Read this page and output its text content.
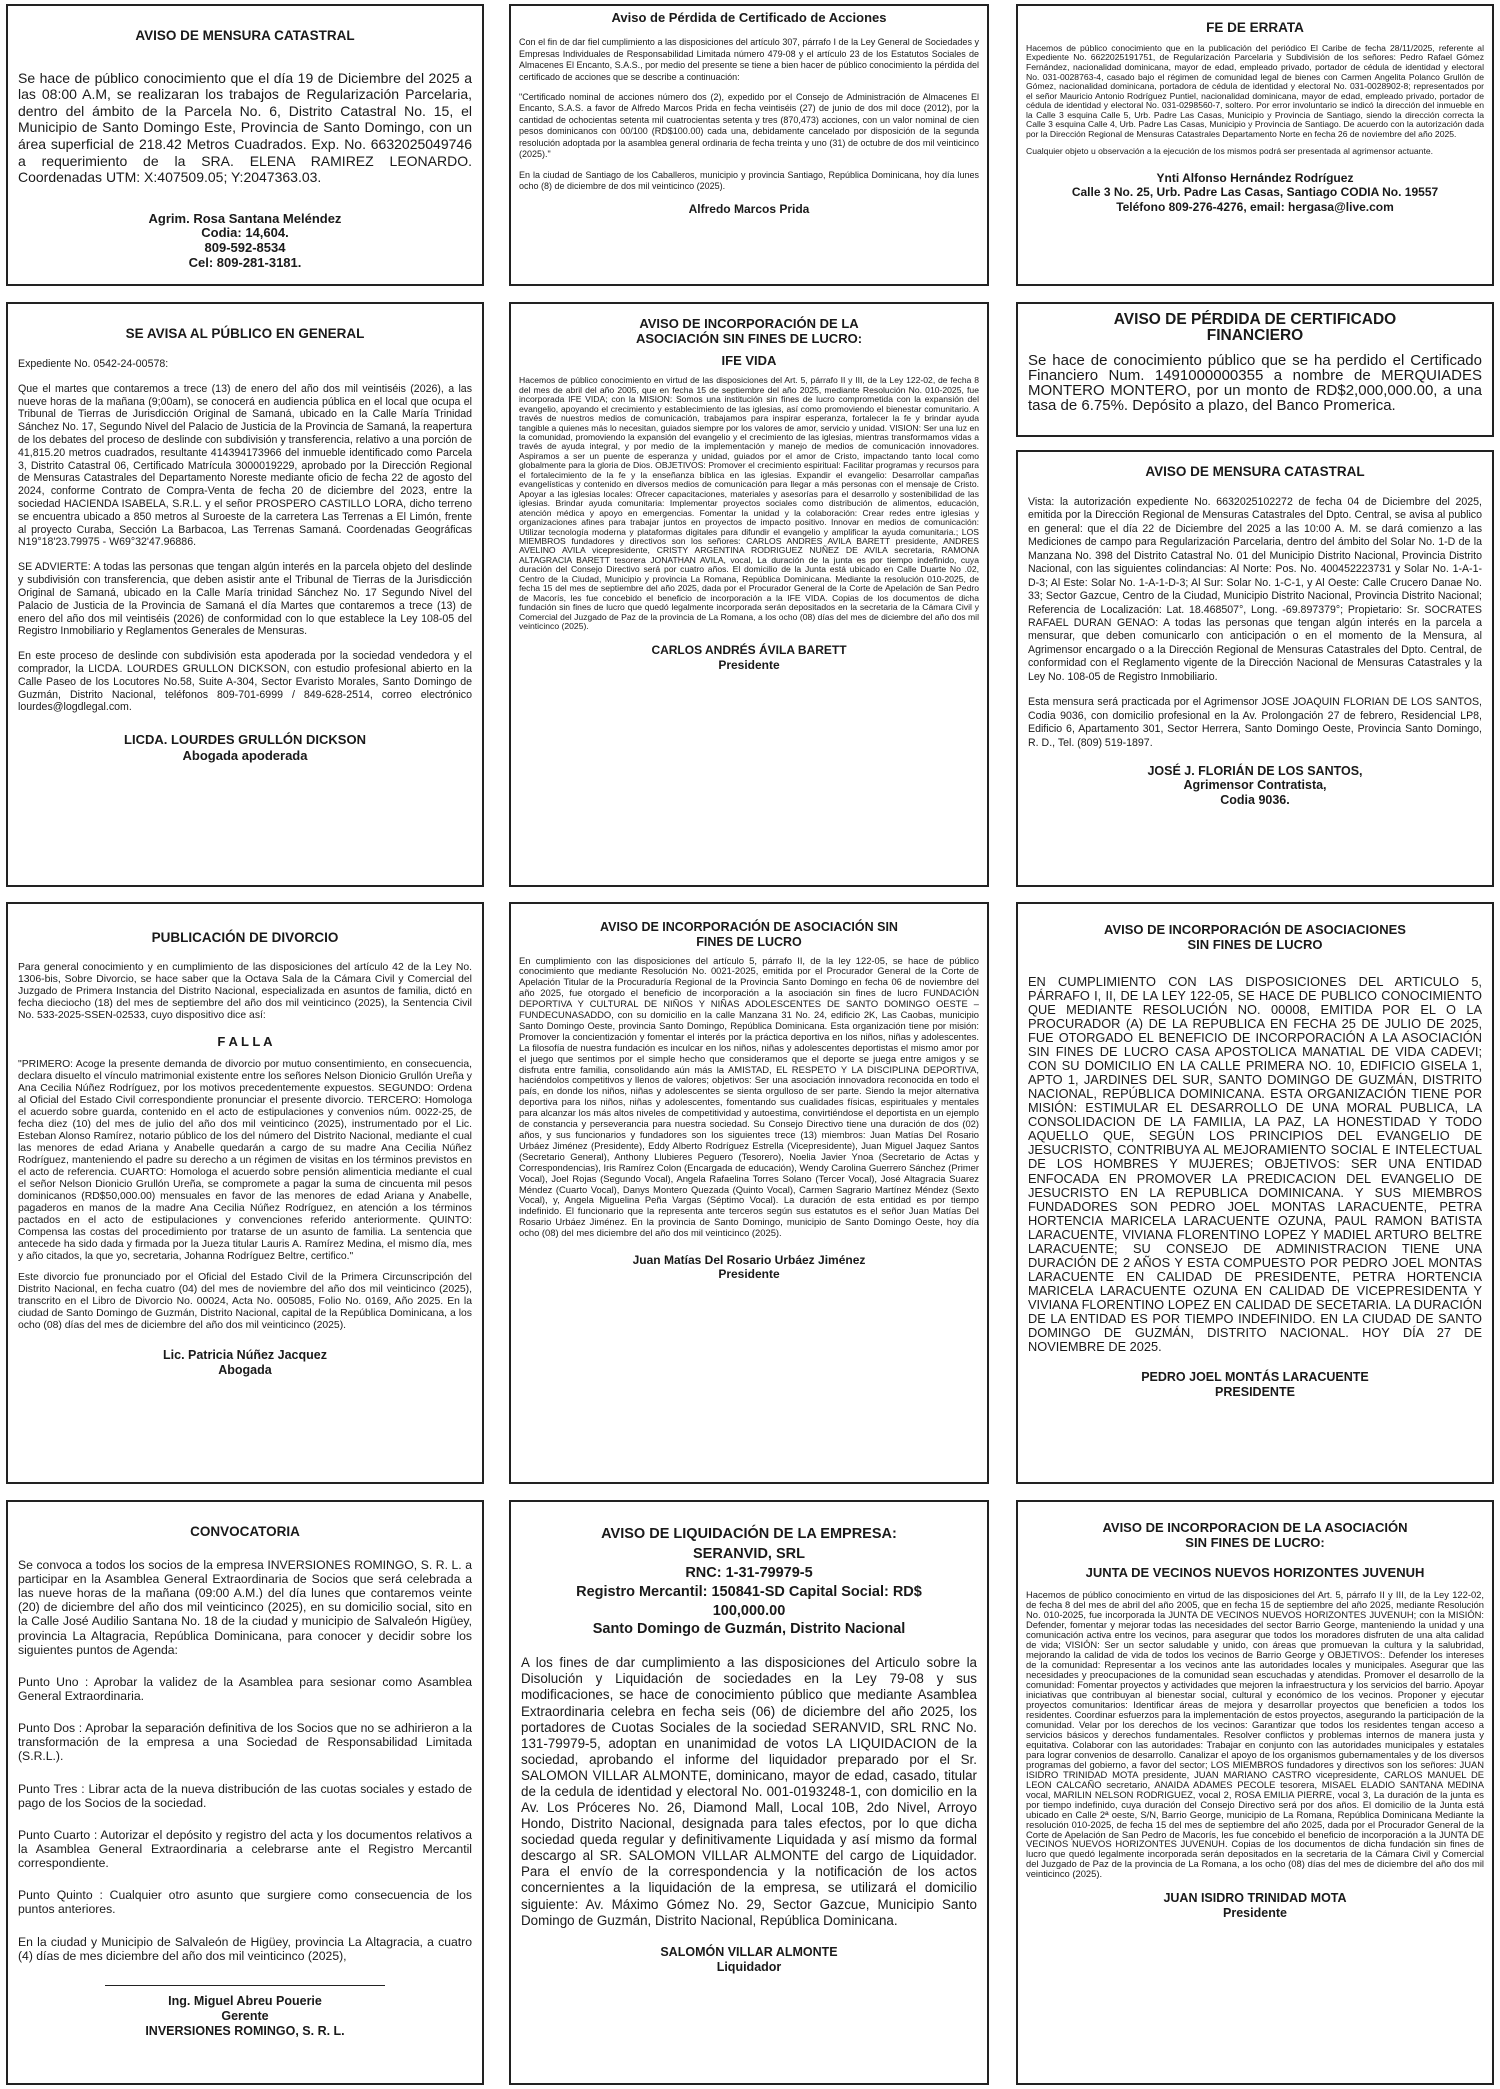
AVISO DE MENSURA CATASTRAL

Se hace de público conocimiento que el día 19 de Diciembre del 2025 a las 08:00 A.M, se realizaran los trabajos de Regularización Parcelaria, dentro del ámbito de la Parcela No. 6, Distrito Catastral No. 15, el Municipio de Santo Domingo Este, Provincia de Santo Domingo, con un área superficial de 218.42 Metros Cuadrados. Exp. No. 6632025049746 a requerimiento de la SRA. ELENA RAMIREZ LEONARDO. Coordenadas UTM: X:407509.05; Y:2047363.03.

Agrim. Rosa Santana Meléndez
Codia: 14,604.
809-592-8534
Cel: 809-281-3181.
Aviso de Pérdida de Certificado de Acciones

Con el fin de dar fiel cumplimiento a las disposiciones del artículo 307, párrafo I de la Ley General de Sociedades y Empresas Individuales de Responsabilidad Limitada número 479-08 y el artículo 23 de los Estatutos Sociales de Almacenes El Encanto, S.A.S., por medio del presente se tiene a bien hacer de público conocimiento la pérdida del certificado de acciones que se describe a continuación:

"Certificado nominal de acciones número dos (2), expedido por el Consejo de Administración de Almacenes El Encanto, S.A.S. a favor de Alfredo Marcos Prida en fecha veintiséis (27) de junio de dos mil doce (2012), por la cantidad de ochocientas setenta mil cuatrocientas setenta y tres (870,473) acciones, con un valor nominal de cien pesos dominicanos con 00/100 (RD$100.00) cada una, debidamente cancelado por disposición de la segunda resolución adoptada por la asamblea general ordinaria de fecha treinta y uno (31) de octubre de dos mil veinticinco (2025)."

En la ciudad de Santiago de los Caballeros, municipio y provincia Santiago, República Dominicana, hoy día lunes ocho (8) de diciembre de dos mil veinticinco (2025).

Alfredo Marcos Prida
FE DE ERRATA

Hacemos de público conocimiento que en la publicación del periódico El Caribe de fecha 28/11/2025, referente al Expediente No. 6622025191751, de Regularización Parcelaria y Subdivisión de los señores: Pedro Rafael Gómez Fernández, nacionalidad dominicana, mayor de edad, empleado privado, portador de cédula de identidad y electoral No. 031-0028763-4, casado bajo el régimen de comunidad legal de bienes con Carmen Angelita Polanco Grullón de Gómez, nacionalidad dominicana, portadora de cédula de identidad y electoral No. 031-0028902-8; representados por el señor Mauricio Antonio Rodríguez Puntiel, nacionalidad dominicana, mayor de edad, empleado privado, portador de cédula de identidad y electoral No. 031-0298560-7, soltero. Por error involuntario se indicó la dirección del inmueble en la Calle 3 esquina Calle 5, Urb. Padre Las Casas, Municipio y Provincia de Santiago, siendo la dirección correcta la Calle 3 esquina Calle 4, Urb. Padre Las Casas, Municipio y Provincia de Santiago. De acuerdo con la autorización dada por la Dirección Regional de Mensuras Catastrales Departamento Norte en fecha 26 de noviembre del año 2025.

Cualquier objeto u observación a la ejecución de los mismos podrá ser presentada al agrimensor actuante.

Ynti Alfonso Hernández Rodríguez
Calle 3 No. 25, Urb. Padre Las Casas, Santiago CODIA No. 19557
Teléfono 809-276-4276, email: hergasa@live.com
SE AVISA AL PÚBLICO EN GENERAL

Expediente No. 0542-24-00578:

Que el martes que contaremos a trece (13) de enero del año dos mil veintiséis (2026), a las nueve horas de la mañana (9;00am), se conocerá en audiencia pública en el local que ocupa el Tribunal de Tierras de Jurisdicción Original de Samaná, ubicado en la Calle María Trinidad Sánchez No. 17, Segundo Nivel del Palacio de Justicia de la Provincia de Samaná, la reapertura de los debates del proceso de deslinde con subdivisión y transferencia, relativo a una porción de 41,815.20 metros cuadrados, resultante 414394173966 del inmueble identificado como Parcela 3, Distrito Catastral 06, Certificado Matrícula 3000019229, aprobado por la Dirección Regional de Mensuras Catastrales del Departamento Noreste mediante oficio de fecha 22 de agosto del 2024, conforme Contrato de Compra-Venta de fecha 20 de diciembre del 2023, entre la sociedad HACIENDA ISABELA, S.R.L. y el señor PROSPERO CASTILLO LORA, dicho terreno se encuentra ubicado a 850 metros al Suroeste de la carretera Las Terrenas a El Limón, frente al proyecto Curaba, Sección La Barbacoa, Las Terrenas Samaná. Coordenadas Geográficas N19°18'23.79975 - W69°32'47.96886.

SE ADVIERTE: A todas las personas que tengan algún interés en la parcela objeto del deslinde y subdivisión con transferencia, que deben asistir ante el Tribunal de Tierras de la Jurisdicción Original de Samaná, ubicado en la Calle María trinidad Sánchez No. 17 Segundo Nivel del Palacio de Justicia de la Provincia de Samaná el día Martes que contaremos a trece (13) de enero del año dos mil veintiséis (2026) de conformidad con lo que establece la Ley 108-05 del Registro Inmobiliario y Reglamentos Generales de Mensuras.

En este proceso de deslinde con subdivisión esta apoderada por la sociedad vendedora y el comprador, la LICDA. LOURDES GRULLON DICKSON, con estudio profesional abierto en la Calle Paseo de los Locutores No.58, Suite A-304, Sector Evaristo Morales, Santo Domingo de Guzmán, Distrito Nacional, teléfonos 809-701-6999 / 849-628-2514, correo electrónico lourdes@logdlegal.com.

LICDA. LOURDES GRULLÓN DICKSON
Abogada apoderada
AVISO DE INCORPORACIÓN DE LA ASOCIACIÓN SIN FINES DE LUCRO:
IFE VIDA

Hacemos de público conocimiento en virtud de las disposiciones del Art. 5, párrafo II y III, de la Ley 122-02, de fecha 8 del mes de abril del año 2005, que en fecha 15 de septiembre del año 2025, mediante Resolución No. 010-2025, fue incorporada IFE VIDA; con la MISION: Somos una institución sin fines de lucro comprometida con la expansión del evangelio, apoyando el crecimiento y establecimiento de las iglesias, así como promoviendo el bienestar comunitario. A través de nuestros medios de comunicación, trabajamos para inspirar esperanza, fortalecer la fe y brindar ayuda tangible a quienes más lo necesitan, guiados siempre por los valores de amor, servicio y unidad. VISION: Ser una luz en la comunidad, promoviendo la expansión del evangelio y el crecimiento de las iglesias, mientras transformamos vidas a través de ayuda integral, y por medio de la implementación y manejo de medios de comunicación innovadores. Aspiramos a ser un puente de esperanza y unidad, guiados por el amor de Cristo, impactando tanto local como globalmente para la gloria de Dios. OBJETIVOS: Promover el crecimiento espiritual: Facilitar programas y recursos para el fortalecimiento de la fe y la enseñanza bíblica en las iglesias. Expandir el evangelio: Desarrollar campañas evangelísticas y contenido en diversos medios de comunicación para llegar a más personas con el mensaje de Cristo. Apoyar a las iglesias locales: Ofrecer capacitaciones, materiales y asesorías para el desarrollo y sostenibilidad de las iglesias. Brindar ayuda comunitaria: Implementar proyectos sociales como distribución de alimentos, educación, atención médica y apoyo en emergencias. Fomentar la unidad y la colaboración: Crear redes entre iglesias y organizaciones afines para trabajar juntos en proyectos de impacto positivo. Innovar en medios de comunicación: Utilizar tecnología moderna y plataformas digitales para difundir el evangelio y amplificar la ayuda comunitaria.; LOS MIEMBROS fundadores y directivos son los señores: CARLOS ANDRES AVILA BARETT presidente, ANDRES AVELINO AVILA vicepresidente, CRISTY ARGENTINA RODRIGUEZ NUÑEZ DE AVILA secretaria, RAMONA ALTAGRACIA BARETT tesorera JONATHAN AVILA, vocal, La duración de la junta es por tiempo indefinido, cuya duración del Consejo Directivo será por cuatro años. El domicilio de la Junta está ubicado en Calle Duarte No .02, Centro de la Ciudad, Municipio y provincia La Romana, República Dominicana. Mediante la resolución 010-2025, de fecha 15 del mes de septiembre del año 2025, dada por el Procurador General de la Corte de Apelación de San Pedro de Macorís, les fue concebido el beneficio de incorporación a la IFE VIDA. Copias de los documentos de dicha fundación sin fines de lucro que quedó legalmente incorporada serán depositados en la secretaria de la Cámara Civil y Comercial del Juzgado de Paz de la provincia de La Romana, a los ocho (08) días del mes de diciembre del año dos mil veinticinco (2025).

CARLOS ANDRÉS ÁVILA BARETT
Presidente
AVISO DE PÉRDIDA DE CERTIFICADO FINANCIERO

Se hace de conocimiento público que se ha perdido el Certificado Financiero Num. 1491000000355 a nombre de MERQUIADES MONTERO MONTERO, por un monto de RD$2,000,000.00, a una tasa de 6.75%. Depósito a plazo, del Banco Promerica.

AVISO DE MENSURA CATASTRAL

Vista: la autorización expediente No. 6632025102272 de fecha 04 de Diciembre del 2025, emitida por la Dirección Regional de Mensuras Catastrales del Dpto. Central, se avisa al publico en general: que el día 22 de Diciembre del 2025 a las 10:00 A. M. se dará comienzo a las Mediciones de campo para Regularización Parcelaria, dentro del ámbito del Solar No. 1-D de la Manzana No. 398 del Distrito Catastral No. 01 del Municipio Distrito Nacional, Provincia Distrito Nacional, con las siguientes colindancias: Al Norte: Pos. No. 400452223731 y Solar No. 1-A-1-D-3; Al Este: Solar No. 1-A-1-D-3; Al Sur: Solar No. 1-C-1, y Al Oeste: Calle Crucero Danae No. 33; Sector Gazcue, Centro de la Ciudad, Municipio Distrito Nacional, Provincia Distrito Nacional; Referencia de Localización: Lat. 18.468507°, Long. -69.897379°; Propietario: Sr. SOCRATES RAFAEL DURAN GENAO: A todas las personas que tengan algún interés en la parcela a mensurar, que deben comunicarlo con anticipación o en el momento de la Mensura, al Agrimensor encargado o a la Dirección Regional de Mensuras Catastrales del Dpto. Central, de conformidad con el Reglamento vigente de la Dirección Nacional de Mensuras Catastrales y la Ley No. 108-05 de Registro Inmobiliario.

Esta mensura será practicada por el Agrimensor JOSE JOAQUIN FLORIAN DE LOS SANTOS, Codia 9036, con domicilio profesional en la Av. Prolongación 27 de febrero, Residencial LP8, Edificio 6, Apartamento 301, Sector Herrera, Santo Domingo Oeste, Provincia Santo Domingo, R. D., Tel. (809) 519-1897.

JOSÉ J. FLORIÁN DE LOS SANTOS,
Agrimensor Contratista,
Codia 9036.
PUBLICACIÓN DE DIVORCIO

Para general conocimiento y en cumplimiento de las disposiciones del artículo 42 de la Ley No. 1306-bis, Sobre Divorcio, se hace saber que la Octava Sala de la Cámara Civil y Comercial del Juzgado de Primera Instancia del Distrito Nacional, especializada en asuntos de familia, dictó en fecha dieciocho (18) del mes de septiembre del año dos mil veinticinco (2025), la Sentencia Civil No. 533-2025-SSEN-02533, cuyo dispositivo dice así:

F A L L A

"PRIMERO: Acoge la presente demanda de divorcio por mutuo consentimiento, en consecuencia, declara disuelto el vínculo matrimonial existente entre los señores Nelson Dionicio Grullón Ureña y Ana Cecilia Núñez Rodríguez, por los motivos precedentemente expuestos. SEGUNDO: Ordena al Oficial del Estado Civil correspondiente pronunciar el presente divorcio. TERCERO: Homologa el acuerdo sobre guarda, contenido en el acto de estipulaciones y convenios núm. 0022-25, de fecha diez (10) del mes de julio del año dos mil veinticinco (2025), instrumentado por el Lic. Esteban Alonso Ramírez, notario público de los del número del Distrito Nacional, mediante el cual las menores de edad Ariana y Anabelle quedarán a cargo de su madre Ana Cecilia Núñez Rodríguez, manteniendo el padre su derecho a un régimen de visitas en los términos previstos en el acto de referencia. CUARTO: Homologa el acuerdo sobre pensión alimenticia mediante el cual el señor Nelson Dionicio Grullón Ureña, se compromete a pagar la suma de cincuenta mil pesos dominicanos (RD$50,000.00) mensuales en favor de las menores de edad Ariana y Anabelle, pagaderos en manos de la madre Ana Cecilia Núñez Rodríguez, en atención a los términos pactados en el acto de estipulaciones y convenciones referido anteriormente. QUINTO: Compensa las costas del procedimiento por tratarse de un asunto de familia. La sentencia que antecede ha sido dada y firmada por la Jueza titular Lauris A. Ramírez Medina, el mismo día, mes y año citados, la que yo, secretaria, Johanna Rodríguez Beltre, certifico."

Este divorcio fue pronunciado por el Oficial del Estado Civil de la Primera Circunscripción del Distrito Nacional, en fecha cuatro (04) del mes de noviembre del año dos mil veinticinco (2025), transcrito en el Libro de Divorcio No. 00024, Acta No. 005085, Folio No. 0169, Año 2025. En la ciudad de Santo Domingo de Guzmán, Distrito Nacional, capital de la República Dominicana, a los ocho (08) días del mes de diciembre del año dos mil veinticinco (2025).

Lic. Patricia Núñez Jacquez
Abogada
AVISO DE INCORPORACIÓN DE ASOCIACIÓN SIN FINES DE LUCRO

En cumplimiento con las disposiciones del artículo 5, párrafo II, de la ley 122-05, se hace de público conocimiento que mediante Resolución No. 0021-2025, emitida por el Procurador General de la Corte de Apelación Titular de la Procuraduría Regional de la Provincia Santo Domingo en fecha 06 de noviembre del año 2025, fue otorgado el beneficio de incorporación a la asociación sin fines de lucro FUNDACIÓN DEPORTIVA Y CULTURAL DE NIÑOS Y NIÑAS ADOLESCENTES DE SANTO DOMINGO OESTE – FUNDECUNASADDO, con su domicilio en la calle Manzana 31 No. 24, edificio 2K, Las Caobas, municipio Santo Domingo Oeste, provincia Santo Domingo, República Dominicana. Esta organización tiene por misión: Promover la concientización y fomentar el interés por la práctica deportiva en los niños, niñas y adolescentes. La filosofía de nuestra fundación es inculcar en los niños, niñas y adolescentes deportistas el mismo amor por el juego que sentimos por el simple hecho que consideramos que el deporte se juega entre amigos y se disfruta entre familia, consolidando aún más la AMISTAD, EL RESPETO Y LA DISCIPLINA DEPORTIVA, haciéndolos competitivos y llenos de valores; objetivos: Ser una asociación innovadora reconocida en todo el país, en donde los niños, niñas y adolescentes se sienta orgulloso de ser parte. Siendo la mejor alternativa deportiva para los niños, niñas y adolescentes, fomentando sus cualidades físicas, espirituales y mentales para alcanzar los más altos niveles de competitividad y autoestima, convirtiéndose el deportista en un ejemplo de constancia y perseverancia para nuestra sociedad. Su Consejo Directivo tiene una duración de dos (02) años, y sus funcionarios y fundadores son los siguientes trece (13) miembros: Juan Matías Del Rosario Urbáez Jiménez (Presidente), Eddy Alberto Rodríguez Estrella (Vicepresidente), Juan Miguel Jaquez Santos (Secretario General), Anthony Llubieres Peguero (Tesorero), Noelia Javier Ynoa (Secretario de Actas y Correspondencias), Iris Ramírez Colon (Encargada de educación), Wendy Carolina Guerrero Sánchez (Primer Vocal), Joel Rojas (Segundo Vocal), Angela Rafaelina Torres Solano (Tercer Vocal), José Altagracia Suarez Méndez (Cuarto Vocal), Danys Montero Quezada (Quinto Vocal), Carmen Sagrario Martínez Méndez (Sexto Vocal), y, Angela Miguelina Peña Vargas (Séptimo Vocal). La duración de esta entidad es por tiempo indefinido. El funcionario que la representa ante terceros según sus estatutos es el señor Juan Matías Del Rosario Urbáez Jiménez. En la provincia de Santo Domingo, municipio de Santo Domingo Oeste, hoy día ocho (08) del mes diciembre del año dos mil veinticinco (2025).

Juan Matías Del Rosario Urbáez Jiménez
Presidente
AVISO DE INCORPORACIÓN DE ASOCIACIONES SIN FINES DE LUCRO

EN CUMPLIMIENTO CON LAS DISPOSICIONES DEL ARTICULO 5, PÁRRAFO I, II, DE LA LEY 122-05, SE HACE DE PUBLICO CONOCIMIENTO QUE MEDIANTE RESOLUCIÓN NO. 00008, EMITIDA POR EL O LA PROCURADOR (A) DE LA REPUBLICA EN FECHA 25 DE JULIO DE 2025, FUE OTORGADO EL BENEFICIO DE INCORPORACIÓN A LA ASOCIACIÓN SIN FINES DE LUCRO CASA APOSTOLICA MANATIAL DE VIDA CADEVI; CON SU DOMICILIO EN LA CALLE PRIMERA NO. 10, EDIFICIO GISELA 1, APTO 1, JARDINES DEL SUR, SANTO DOMINGO DE GUZMÁN, DISTRITO NACIONAL, REPÚBLICA DOMINICANA. ESTA ORGANIZACIÓN TIENE POR MISIÓN: ESTIMULAR EL DESARROLLO DE UNA MORAL PUBLICA, LA CONSOLIDACION DE LA FAMILIA, LA PAZ, LA HONESTIDAD Y TODO AQUELLO QUE, SEGÚN LOS PRINCIPIOS DEL EVANGELIO DE JESUCRISTO, CONTRIBUYA AL MEJORAMIENTO SOCIAL E INTELECTUAL DE LOS HOMBRES Y MUJERES; OBJETIVOS: SER UNA ENTIDAD ENFOCADA EN PROMOVER LA PREDICACION DEL EVANGELIO DE JESUCRISTO EN LA REPUBLICA DOMINICANA. Y SUS MIEMBROS FUNDADORES SON PEDRO JOEL MONTAS LARACUENTE, PETRA HORTENCIA MARICELA LARACUENTE OZUNA, PAUL RAMON BATISTA LARACUENTE, VIVIANA FLORENTINO LOPEZ Y MADIEL ARTURO BELTRE LARACUENTE; SU CONSEJO DE ADMINISTRACION TIENE UNA DURACIÓN DE 2 AÑOS Y ESTA COMPUESTO POR PEDRO JOEL MONTAS LARACUENTE EN CALIDAD DE PRESIDENTE, PETRA HORTENCIA MARICELA LARACUENTE OZUNA EN CALIDAD DE VICEPRESIDENTA Y VIVIANA FLORENTINO LOPEZ EN CALIDAD DE SECETARIA. LA DURACIÓN DE LA ENTIDAD ES POR TIEMPO INDEFINIDO. EN LA CIUDAD DE SANTO DOMINGO DE GUZMÁN, DISTRITO NACIONAL. HOY DÍA 27 DE NOVIEMBRE DE 2025.

PEDRO JOEL MONTÁS LARACUENTE
PRESIDENTE
CONVOCATORIA

Se convoca a todos los socios de la empresa INVERSIONES ROMINGO, S. R. L. a participar en la Asamblea General Extraordinaria de Socios que será celebrada a las nueve horas de la mañana (09:00 A.M.) del día lunes que contaremos veinte (20) de diciembre del año dos mil veinticinco (2025), en su domicilio social, sito en la Calle José Audilio Santana No. 18 de la ciudad y municipio de Salvaleón Higüey, provincia La Altagracia, República Dominicana, para conocer y decidir sobre los siguientes puntos de Agenda:

Punto Uno : Aprobar la validez de la Asamblea para sesionar como Asamblea General Extraordinaria.

Punto Dos : Aprobar la separación definitiva de los Socios que no se adhirieron a la transformación de la empresa a una Sociedad de Responsabilidad Limitada (S.R.L.).

Punto Tres : Librar acta de la nueva distribución de las cuotas sociales y estado de pago de los Socios de la sociedad.

Punto Cuarto : Autorizar el depósito y registro del acta y los documentos relativos a la Asamblea General Extraordinaria a celebrarse ante el Registro Mercantil correspondiente.

Punto Quinto : Cualquier otro asunto que surgiere como consecuencia de los puntos anteriores.

En la ciudad y Municipio de Salvaleón de Higüey, provincia La Altagracia, a cuatro (4) días de mes diciembre del año dos mil veinticinco (2025),

Ing. Miguel Abreu Pouerie
Gerente
INVERSIONES ROMINGO, S. R. L.
AVISO DE LIQUIDACIÓN DE LA EMPRESA:
SERANVID, SRL
RNC: 1-31-79979-5
Registro Mercantil: 150841-SD Capital Social: RD$ 100,000.00
Santo Domingo de Guzmán, Distrito Nacional

A los fines de dar cumplimiento a las disposiciones del Articulo sobre la Disolución y Liquidación de sociedades en la Ley 79-08 y sus modificaciones, se hace de conocimiento público que mediante Asamblea Extraordinaria celebra en fecha seis (06) de diciembre del año 2025, los portadores de Cuotas Sociales de la sociedad SERANVID, SRL RNC No. 131-79979-5, adoptan en unanimidad de votos LA LIQUIDACION de la sociedad, aprobando el informe del liquidador preparado por el Sr. SALOMON VILLAR ALMONTE, dominicano, mayor de edad, casado, titular de la cedula de identidad y electoral No. 001-0193248-1, con domicilio en la Av. Los Próceres No. 26, Diamond Mall, Local 10B, 2do Nivel, Arroyo Hondo, Distrito Nacional, designada para tales efectos, por lo que dicha sociedad queda regular y definitivamente Liquidada y así mismo da formal descargo al SR. SALOMON VILLAR ALMONTE del cargo de Liquidador. Para el envío de la correspondencia y la notificación de los actos concernientes a la liquidación de la empresa, se utilizará el domicilio siguiente: Av. Máximo Gómez No. 29, Sector Gazcue, Municipio Santo Domingo de Guzmán, Distrito Nacional, República Dominicana.

SALOMÓN VILLAR ALMONTE
Liquidador
AVISO DE INCORPORACION DE LA ASOCIACIÓN SIN FINES DE LUCRO:
JUNTA DE VECINOS NUEVOS HORIZONTES JUVENUH

Hacemos de público conocimiento en virtud de las disposiciones del Art. 5, párrafo II y III, de la Ley 122-02, de fecha 8 del mes de abril del año 2005, que en fecha 15 de septiembre del año 2025, mediante Resolución No. 010-2025, fue incorporada la JUNTA DE VECINOS NUEVOS HORIZONTES JUVENUH; con la MISIÓN: Defender, fomentar y mejorar todas las necesidades del sector Barrio George, manteniendo la unidad y una comunicación activa entre los vecinos, para asegurar que todos los moradores disfruten de una alta calidad de vida; VISIÓN: Ser un sector saludable y unido, con áreas que promuevan la cultura y la salubridad, mejorando la calidad de vida de todos los vecinos de Barrio George y OBJETIVOS:. Defender los intereses de la comunidad: Representar a los vecinos ante las autoridades locales y municipales. Asegurar que las necesidades y preocupaciones de la comunidad sean escuchadas y atendidas. Promover el desarrollo de la comunidad: Fomentar proyectos y actividades que mejoren la infraestructura y los servicios del barrio. Apoyar iniciativas que contribuyan al bienestar social, cultural y económico de los vecinos. Proponer y ejecutar proyectos comunitarios: Identificar áreas de mejora y desarrollar proyectos que beneficien a todos los residentes. Coordinar esfuerzos para la implementación de estos proyectos, asegurando la participación de la comunidad. Velar por los derechos de los vecinos: Garantizar que todos los residentes tengan acceso a servicios básicos y derechos fundamentales. Resolver conflictos y problemas internos de manera justa y equitativa. Colaborar con las autoridades: Trabajar en conjunto con las autoridades municipales y estatales para lograr convenios de desarrollo. Canalizar el apoyo de los organismos gubernamentales y de los diversos programas del gobierno, a favor del sector; LOS MIEMBROS fundadores y directivos son los señores: JUAN ISIDRO TRINIDAD MOTA presidente, JUAN MARIANO CASTRO vicepresidente, CARLOS MANUEL DE LEON CALCAÑO secretario, ANAIDA ADAMES PECOLE tesorera, MISAEL ELADIO SANTANA MEDINA vocal, MARILIN NELSON RODRIGUEZ, vocal 2, ROSA EMILIA PIERRE, vocal 3, La duración de la junta es por tiempo indefinido, cuya duración del Consejo Directivo será por dos años. El domicilio de la Junta está ubicado en Calle 2ª oeste, S/N, Barrio George, municipio de La Romana, República Dominicana Mediante la resolución 010-2025, de fecha 15 del mes de septiembre del año 2025, dada por el Procurador General de la Corte de Apelación de San Pedro de Macorís, les fue concebido el beneficio de incorporación a la JUNTA DE VECINOS NUEVOS HORIZONTES JUVENUH. Copias de los documentos de dicha fundación sin fines de lucro que quedó legalmente incorporada serán depositados en la secretaria de la Cámara Civil y Comercial del Juzgado de Paz de la provincia de La Romana, a los ocho (08) días del mes de diciembre del año dos mil veinticinco (2025).

JUAN ISIDRO TRINIDAD MOTA
Presidente
